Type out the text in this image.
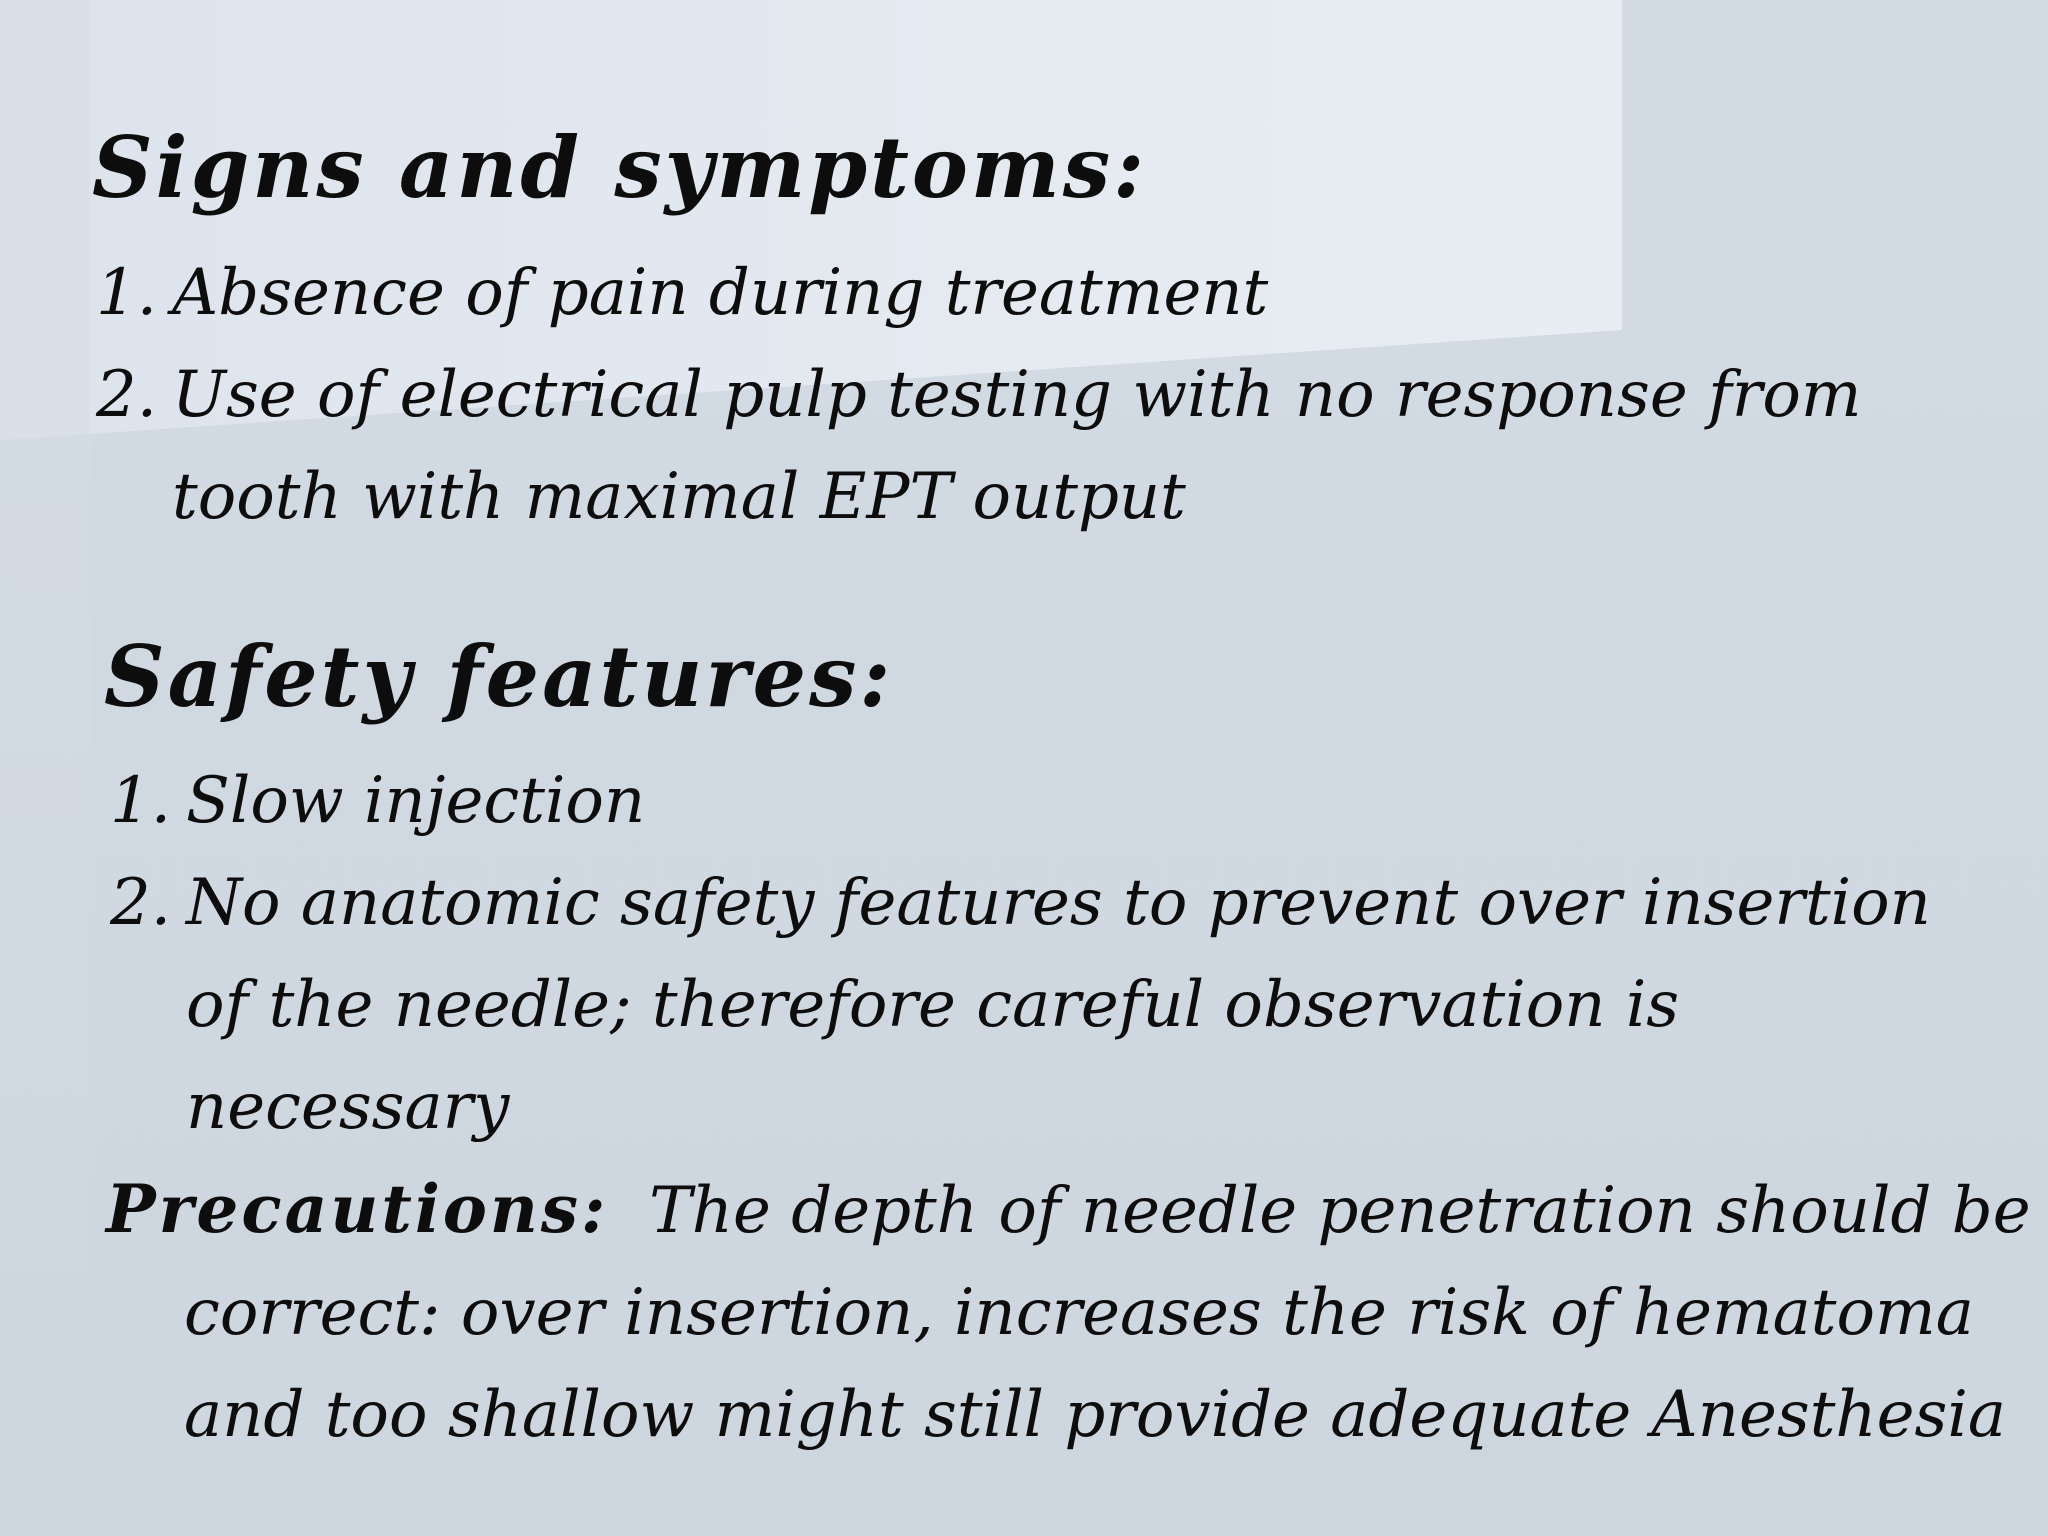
Signs and symptoms:
1. Absence of pain during treatment
2. Use of electrical pulp testing with no response from tooth with maximal EPT output
Safety features:
1. Slow injection
2. No anatomic safety features to prevent over insertion of the needle; therefore careful observation is necessary

Precautions: The depth of needle penetration should be correct: over insertion, increases the risk of hematoma and too shallow might still provide adequate Anesthesia
